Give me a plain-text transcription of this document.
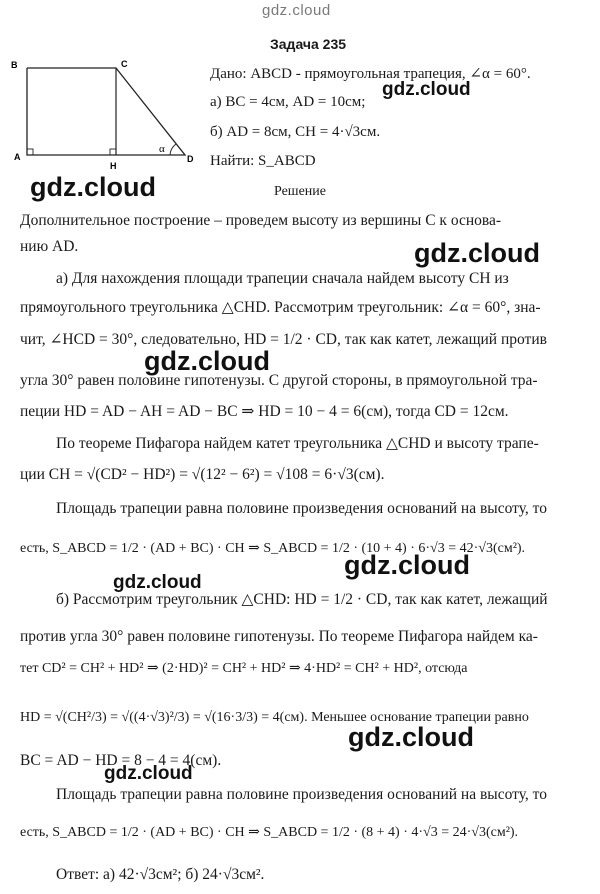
gdz.cloud
Задача 235
B	C
A
H
D
α
Дано: ABCD - прямоугольная трапеция, ∠α = 60°.
а) BC = 4см, AD = 10см;
б) AD = 8см, CH = 4·√3см.
Найти: S_ABCD
Решение
Дополнительное построение – проведем высоту из вершины C к основа-
нию AD.
а) Для нахождения площади трапеции сначала найдем высоту CH из
прямоугольного треугольника △CHD. Рассмотрим треугольник: ∠α = 60°, зна-
чит, ∠HCD = 30°, следовательно, HD = 1/2 · CD, так как катет, лежащий против
угла 30° равен половине гипотенузы. С другой стороны, в прямоугольной тра-
пеции HD = AD − AH = AD − BC ⇒ HD = 10 − 4 = 6(см), тогда CD = 12см.
По теореме Пифагора найдем катет треугольника △CHD и высоту трапе-
ции CH = √(CD² − HD²) = √(12² − 6²) = √108 = 6·√3(см).
Площадь трапеции равна половине произведения оснований на высоту, то
есть, S_ABCD = 1/2 · (AD + BC) · CH ⇒ S_ABCD = 1/2 · (10 + 4) · 6·√3 = 42·√3(см²).
б) Рассмотрим треугольник △CHD: HD = 1/2 · CD, так как катет, лежащий
против угла 30° равен половине гипотенузы. По теореме Пифагора найдем ка-
тет CD² = CH² + HD² ⇒ (2·HD)² = CH² + HD² ⇒ 4·HD² = CH² + HD², отсюда
HD = √(CH²/3) = √((4·√3)²/3) = √(16·3/3) = 4(см). Меньшее основание трапеции равно
BC = AD − HD = 8 − 4 = 4(см).
Площадь трапеции равна половине произведения оснований на высоту, то
есть, S_ABCD = 1/2 · (AD + BC) · CH ⇒ S_ABCD = 1/2 · (8 + 4) · 4·√3 = 24·√3(см²).
Ответ: а) 42·√3см²; б) 24·√3см².
gdz.cloud
gdz.cloud
gdz.cloud
gdz.cloud
gdz.cloud
gdz.cloud
gdz.cloud
gdz.cloud
